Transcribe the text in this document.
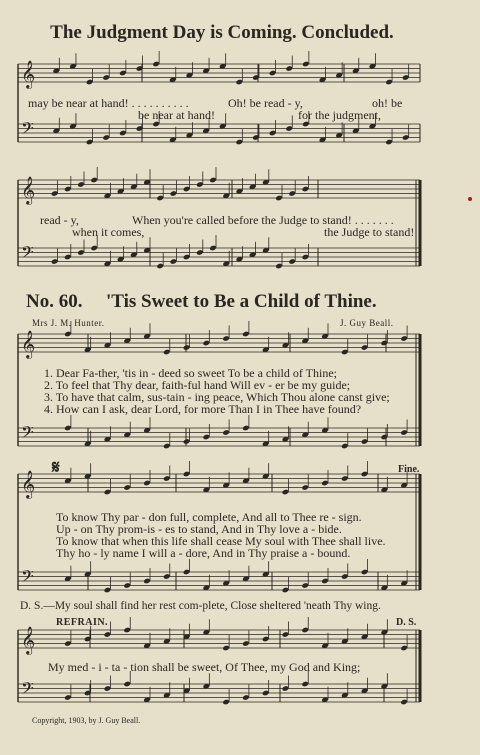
𝄞
𝄢
𝄞
𝄢
𝄞
𝄢
𝄞
𝄢
𝄞
𝄢
The Judgment Day is Coming. Concluded.
may be near at hand! . . . . . . . . . .	Oh! be read - y,	oh! be
be near at hand!	for the judgment,
read - y,	When you're called before the Judge to stand! . . . . . . .
when it comes,	the Judge to stand!
No. 60. 'Tis Sweet to Be a Child of Thine.
Mrs J. M. Hunter.	J. Guy Beall.
1. Dear Fa-ther, 'tis in - deed so sweet To be a child of Thine;
2. To feel that Thy dear, faith-ful hand Will ev - er be my guide;
3. To have that calm, sus-tain - ing peace, Which Thou alone canst give;
4. How can I ask, dear Lord, for more Than I in Thee have found?
𝄋	Fine.
To know Thy par - don full, complete, And all to Thee re - sign.
Up - on Thy prom-is - es to stand, And in Thy love a - bide.
To know that when this life shall cease My soul with Thee shall live.
Thy ho - ly name I will a - dore, And in Thy praise a - bound.
D. S.—My soul shall find her rest com-plete, Close sheltered 'neath Thy wing.
REFRAIN.	D. S.
My med - i - ta - tion shall be sweet, Of Thee, my God and King;
Copyright, 1903, by J. Guy Beall.
